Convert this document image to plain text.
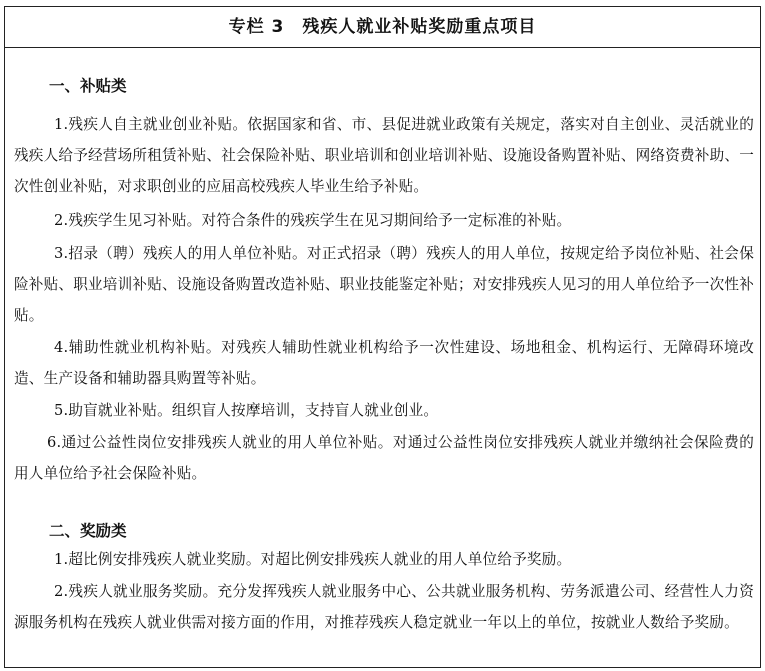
专栏 3　残疾人就业补贴奖励重点项目
一、补贴类
1.残疾人自主就业创业补贴。依据国家和省、市、县促进就业政策有关规定，落实对自主创业、灵活就业的残疾人给予经营场所租赁补贴、社会保险补贴、职业培训和创业培训补贴、设施设备购置补贴、网络资费补助、一次性创业补贴，对求职创业的应届高校残疾人毕业生给予补贴。
2.残疾学生见习补贴。对符合条件的残疾学生在见习期间给予一定标准的补贴。
3.招录（聘）残疾人的用人单位补贴。对正式招录（聘）残疾人的用人单位，按规定给予岗位补贴、社会保险补贴、职业培训补贴、设施设备购置改造补贴、职业技能鉴定补贴；对安排残疾人见习的用人单位给予一次性补贴。
4.辅助性就业机构补贴。对残疾人辅助性就业机构给予一次性建设、场地租金、机构运行、无障碍环境改造、生产设备和辅助器具购置等补贴。
5.助盲就业补贴。组织盲人按摩培训，支持盲人就业创业。
6.通过公益性岗位安排残疾人就业的用人单位补贴。对通过公益性岗位安排残疾人就业并缴纳社会保险费的用人单位给予社会保险补贴。
二、奖励类
1.超比例安排残疾人就业奖励。对超比例安排残疾人就业的用人单位给予奖励。
2.残疾人就业服务奖励。充分发挥残疾人就业服务中心、公共就业服务机构、劳务派遣公司、经营性人力资源服务机构在残疾人就业供需对接方面的作用，对推荐残疾人稳定就业一年以上的单位，按就业人数给予奖励。
